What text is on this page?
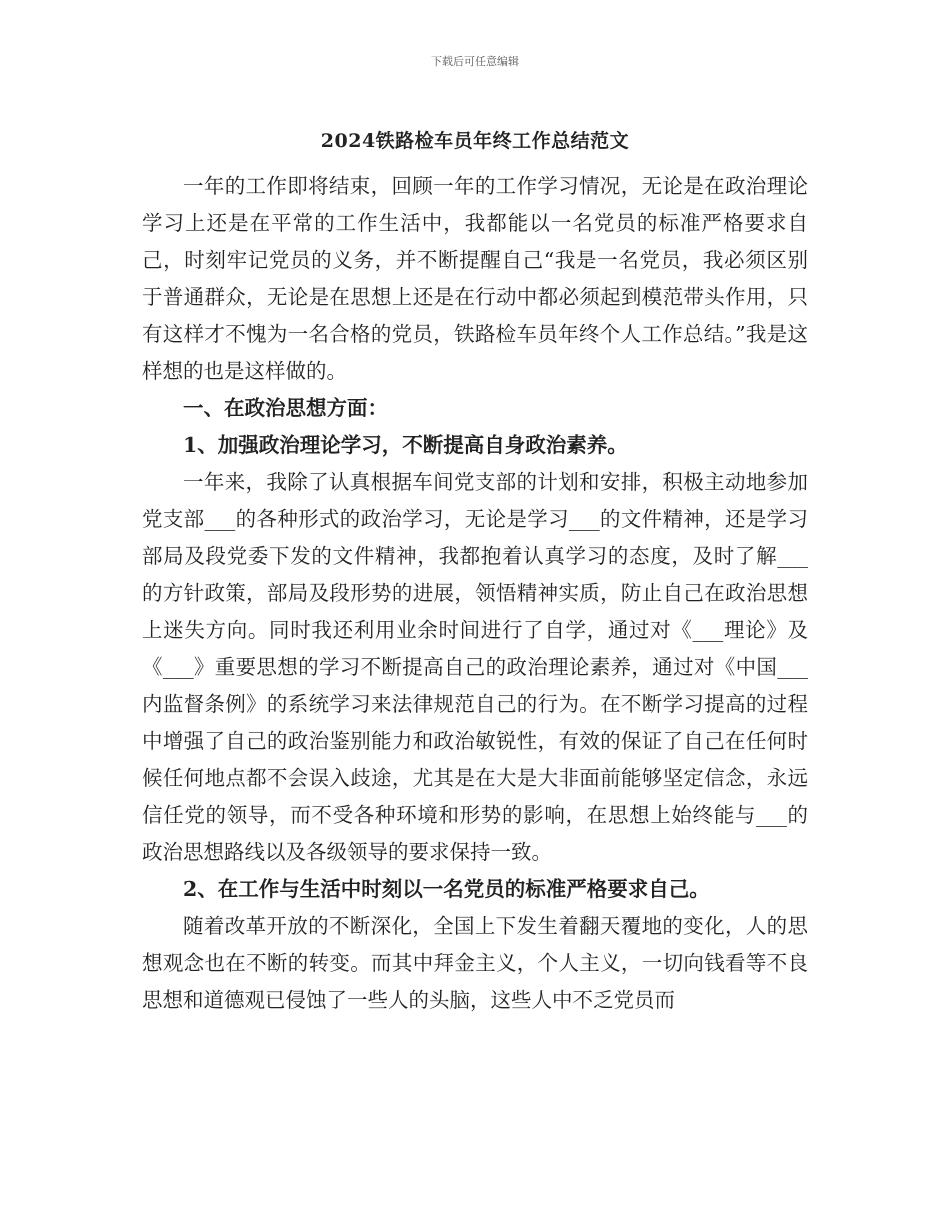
下载后可任意编辑
2024铁路检车员年终工作总结范文

一年的工作即将结束，回顾一年的工作学习情况，无论是在政治理论学习上还是在平常的工作生活中，我都能以一名党员的标准严格要求自己，时刻牢记党员的义务，并不断提醒自己“我是一名党员，我必须区别于普通群众，无论是在思想上还是在行动中都必须起到模范带头作用，只有这样才不愧为一名合格的党员，铁路检车员年终个人工作总结。”我是这样想的也是这样做的。

一、在政治思想方面：

1、加强政治理论学习，不断提高自身政治素养。

一年来，我除了认真根据车间党支部的计划和安排，积极主动地参加党支部___的各种形式的政治学习，无论是学习___的文件精神，还是学习部局及段党委下发的文件精神，我都抱着认真学习的态度，及时了解___的方针政策，部局及段形势的进展，领悟精神实质，防止自己在政治思想上迷失方向。同时我还利用业余时间进行了自学，通过对《___理论》及《___》重要思想的学习不断提高自己的政治理论素养，通过对《中国___内监督条例》的系统学习来法律规范自己的行为。在不断学习提高的过程中增强了自己的政治鉴别能力和政治敏锐性，有效的保证了自己在任何时候任何地点都不会误入歧途，尤其是在大是大非面前能够坚定信念，永远信任党的领导，而不受各种环境和形势的影响，在思想上始终能与___的政治思想路线以及各级领导的要求保持一致。

2、在工作与生活中时刻以一名党员的标准严格要求自己。

随着改革开放的不断深化，全国上下发生着翻天覆地的变化，人的思想观念也在不断的转变。而其中拜金主义，个人主义，一切向钱看等不良思想和道德观已侵蚀了一些人的头脑，这些人中不乏党员而
